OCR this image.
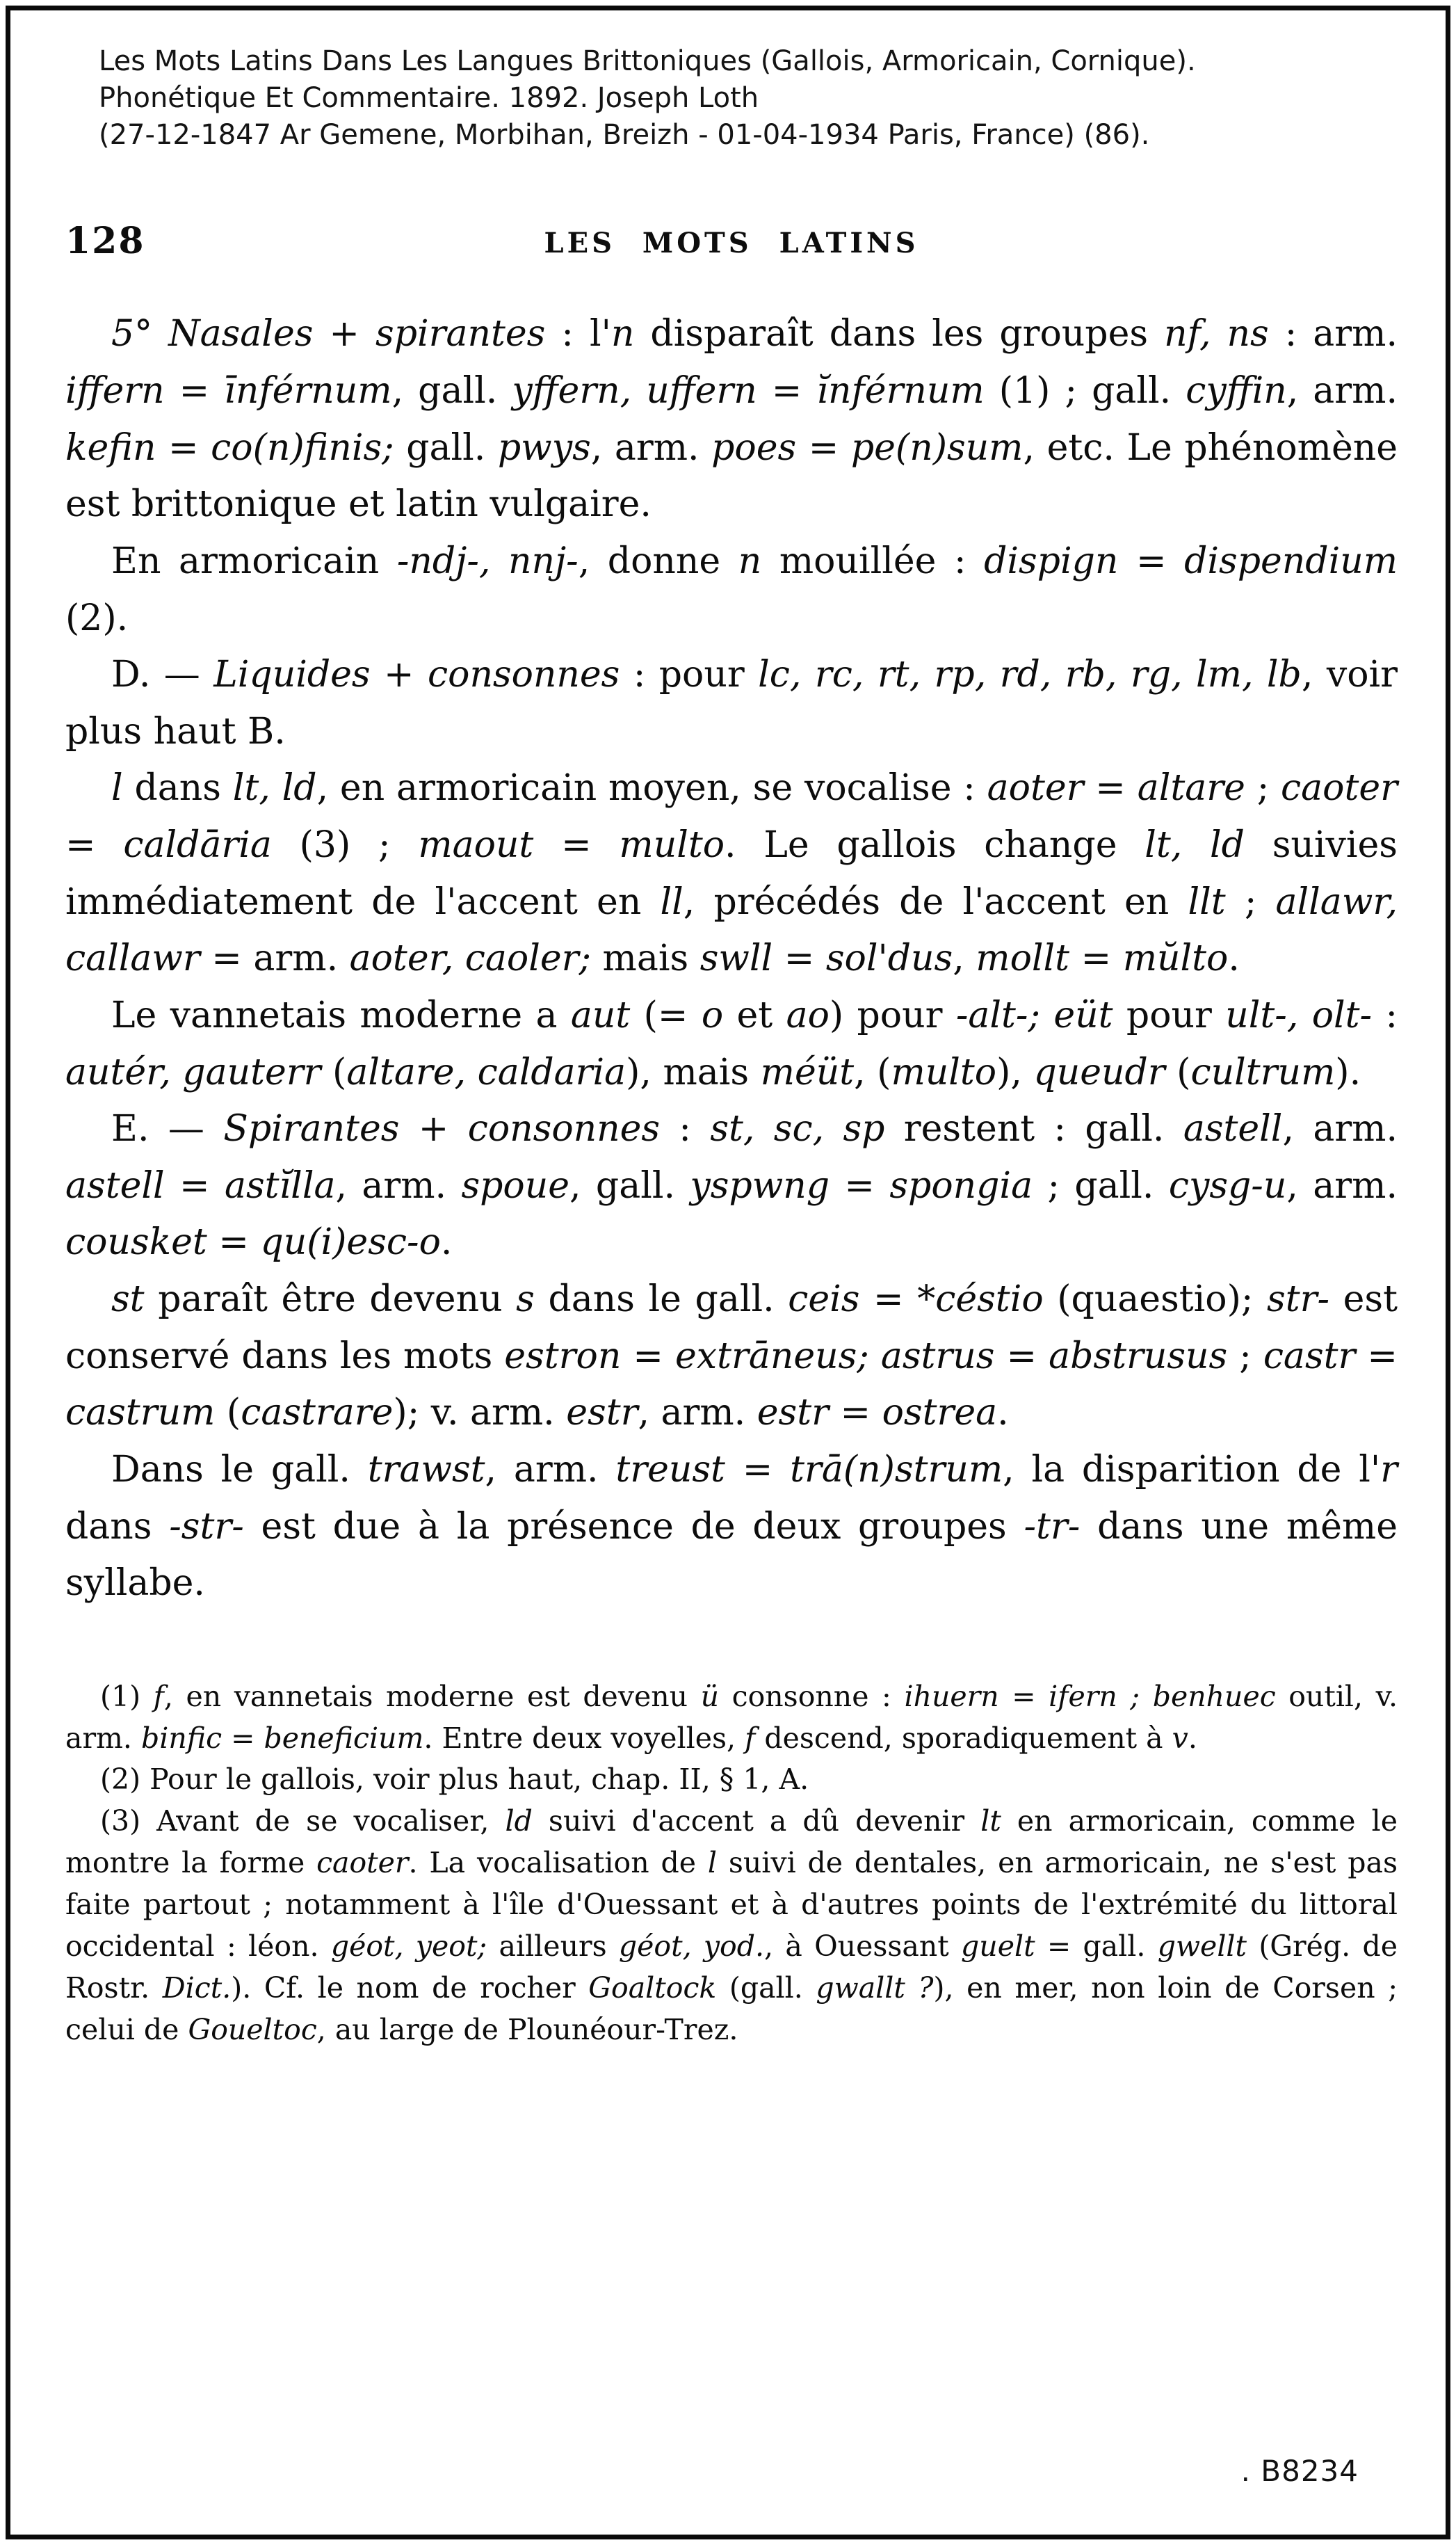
Les Mots Latins Dans Les Langues Brittoniques (Gallois, Armoricain, Cornique).
Phonétique Et Commentaire. 1892. Joseph Loth
(27-12-1847 Ar Gemene, Morbihan, Breizh - 01-04-1934 Paris, France) (86).
128	LES MOTS LATINS

5° Nasales + spirantes : l'n disparaît dans les groupes nf, ns : arm. iffern = īnférnum, gall. yffern, uffern = ĭnférnum (1) ; gall. cyffin, arm. kefin = co(n)finis; gall. pwys, arm. poes = pe(n)sum, etc. Le phénomène est brittonique et latin vulgaire.

En armoricain -ndj-, nnj-, donne n mouillée : dispign = dispendium (2).

D. — Liquides + consonnes : pour lc, rc, rt, rp, rd, rb, rg, lm, lb, voir plus haut B.

l dans lt, ld, en armoricain moyen, se vocalise : aoter = altare ; caoter = caldāria (3) ; maout = multo. Le gallois change lt, ld suivies immédiatement de l'accent en ll, précédés de l'accent en llt ; allawr, callawr = arm. aoter, caoler; mais swll = sol'dus, mollt = mŭlto.

Le vannetais moderne a aut (= o et ao) pour -alt-; eüt pour ult-, olt- : autér, gauterr (altare, caldaria), mais méüt, (multo), queudr (cultrum).

E. — Spirantes + consonnes : st, sc, sp restent : gall. astell, arm. astell = astĭlla, arm. spoue, gall. yspwng = spongia ; gall. cysg-u, arm. cousket = qu(i)esc-o.

st paraît être devenu s dans le gall. ceis = *céstio (quaestio); str- est conservé dans les mots estron = extrāneus; astrus = abstrusus ; castr = castrum (castrare); v. arm. estr, arm. estr = ostrea.

Dans le gall. trawst, arm. treust = trā(n)strum, la disparition de l'r dans -str- est due à la présence de deux groupes -tr- dans une même syllabe.

(1) f, en vannetais moderne est devenu ü consonne : ihuern = ifern ; benhuec outil, v. arm. binfic = beneficium. Entre deux voyelles, f descend, sporadiquement à v.

(2) Pour le gallois, voir plus haut, chap. II, § 1, A.

(3) Avant de se vocaliser, ld suivi d'accent a dû devenir lt en armoricain, comme le montre la forme caoter. La vocalisation de l suivi de dentales, en armoricain, ne s'est pas faite partout ; notamment à l'île d'Ouessant et à d'autres points de l'extrémité du littoral occidental : léon. géot, yeot; ailleurs géot, yod., à Ouessant guelt = gall. gwellt (Grég. de Rostr. Dict.). Cf. le nom de rocher Goaltock (gall. gwallt ?), en mer, non loin de Corsen ; celui de Goueltoc, au large de Plounéour-Trez.

. B8234
